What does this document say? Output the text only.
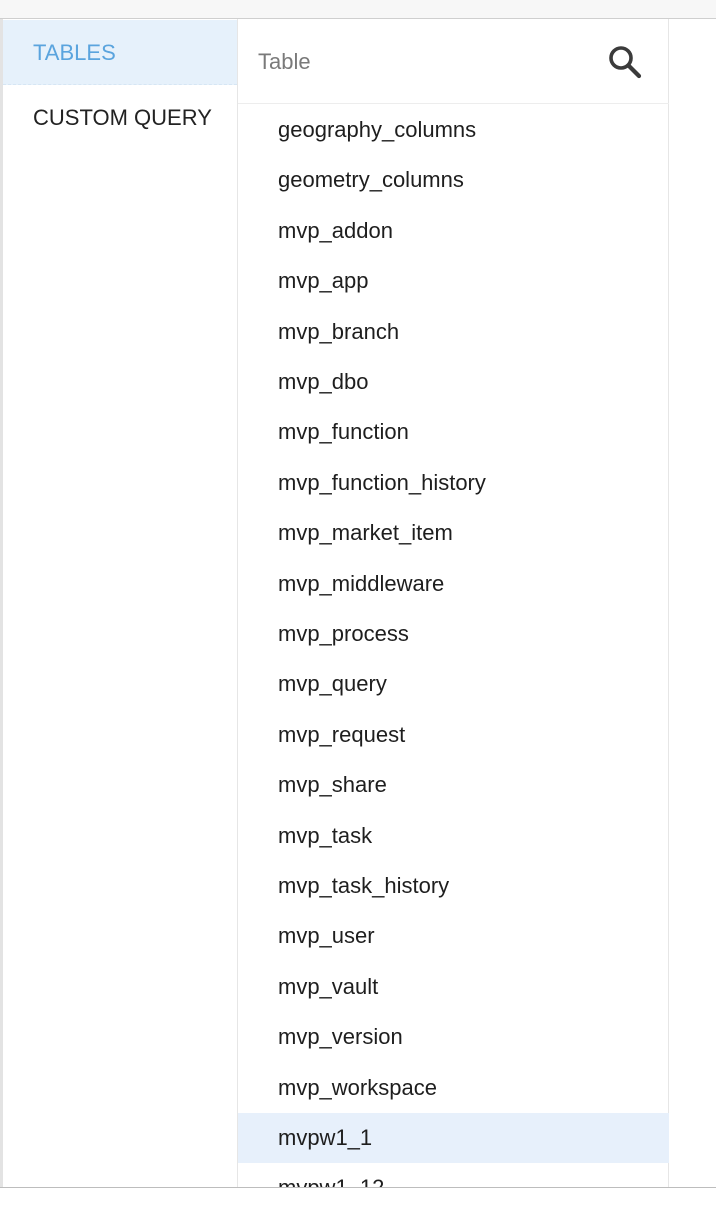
TABLES
CUSTOM QUERY
Table	geography_columns
geometry_columns
mvp_addon
mvp_app
mvp_branch
mvp_dbo
mvp_function
mvp_function_history
mvp_market_item
mvp_middleware
mvp_process
mvp_query
mvp_request
mvp_share
mvp_task
mvp_task_history
mvp_user
mvp_vault
mvp_version
mvp_workspace
mvpw1_1
